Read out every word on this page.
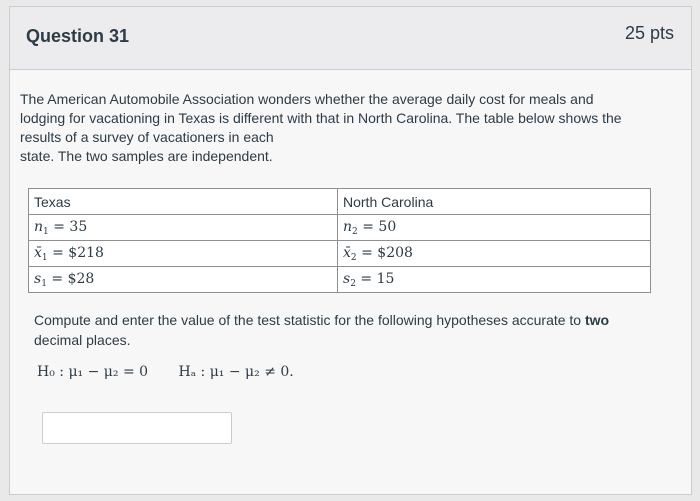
Question 31	25 pts

The American Automobile Association wonders whether the average daily cost for meals and

lodging for vacationing in Texas is different with that in North Carolina. The table below shows the

results of a survey of vacationers in each

state. The two samples are independent.

Texas	North Carolina
$n_1 = 35$	$n_2 = 50$
$x̄_1$ = $218	$x̄_2$ = $208
$s_1$ = $28	$s_2 = 15$
Compute and enter the value of the test statistic for the following hypotheses accurate to two
decimal places.
H₀ : μ₁ − μ₂ = 0 Hₐ : μ₁ − μ₂ ≠ 0.
